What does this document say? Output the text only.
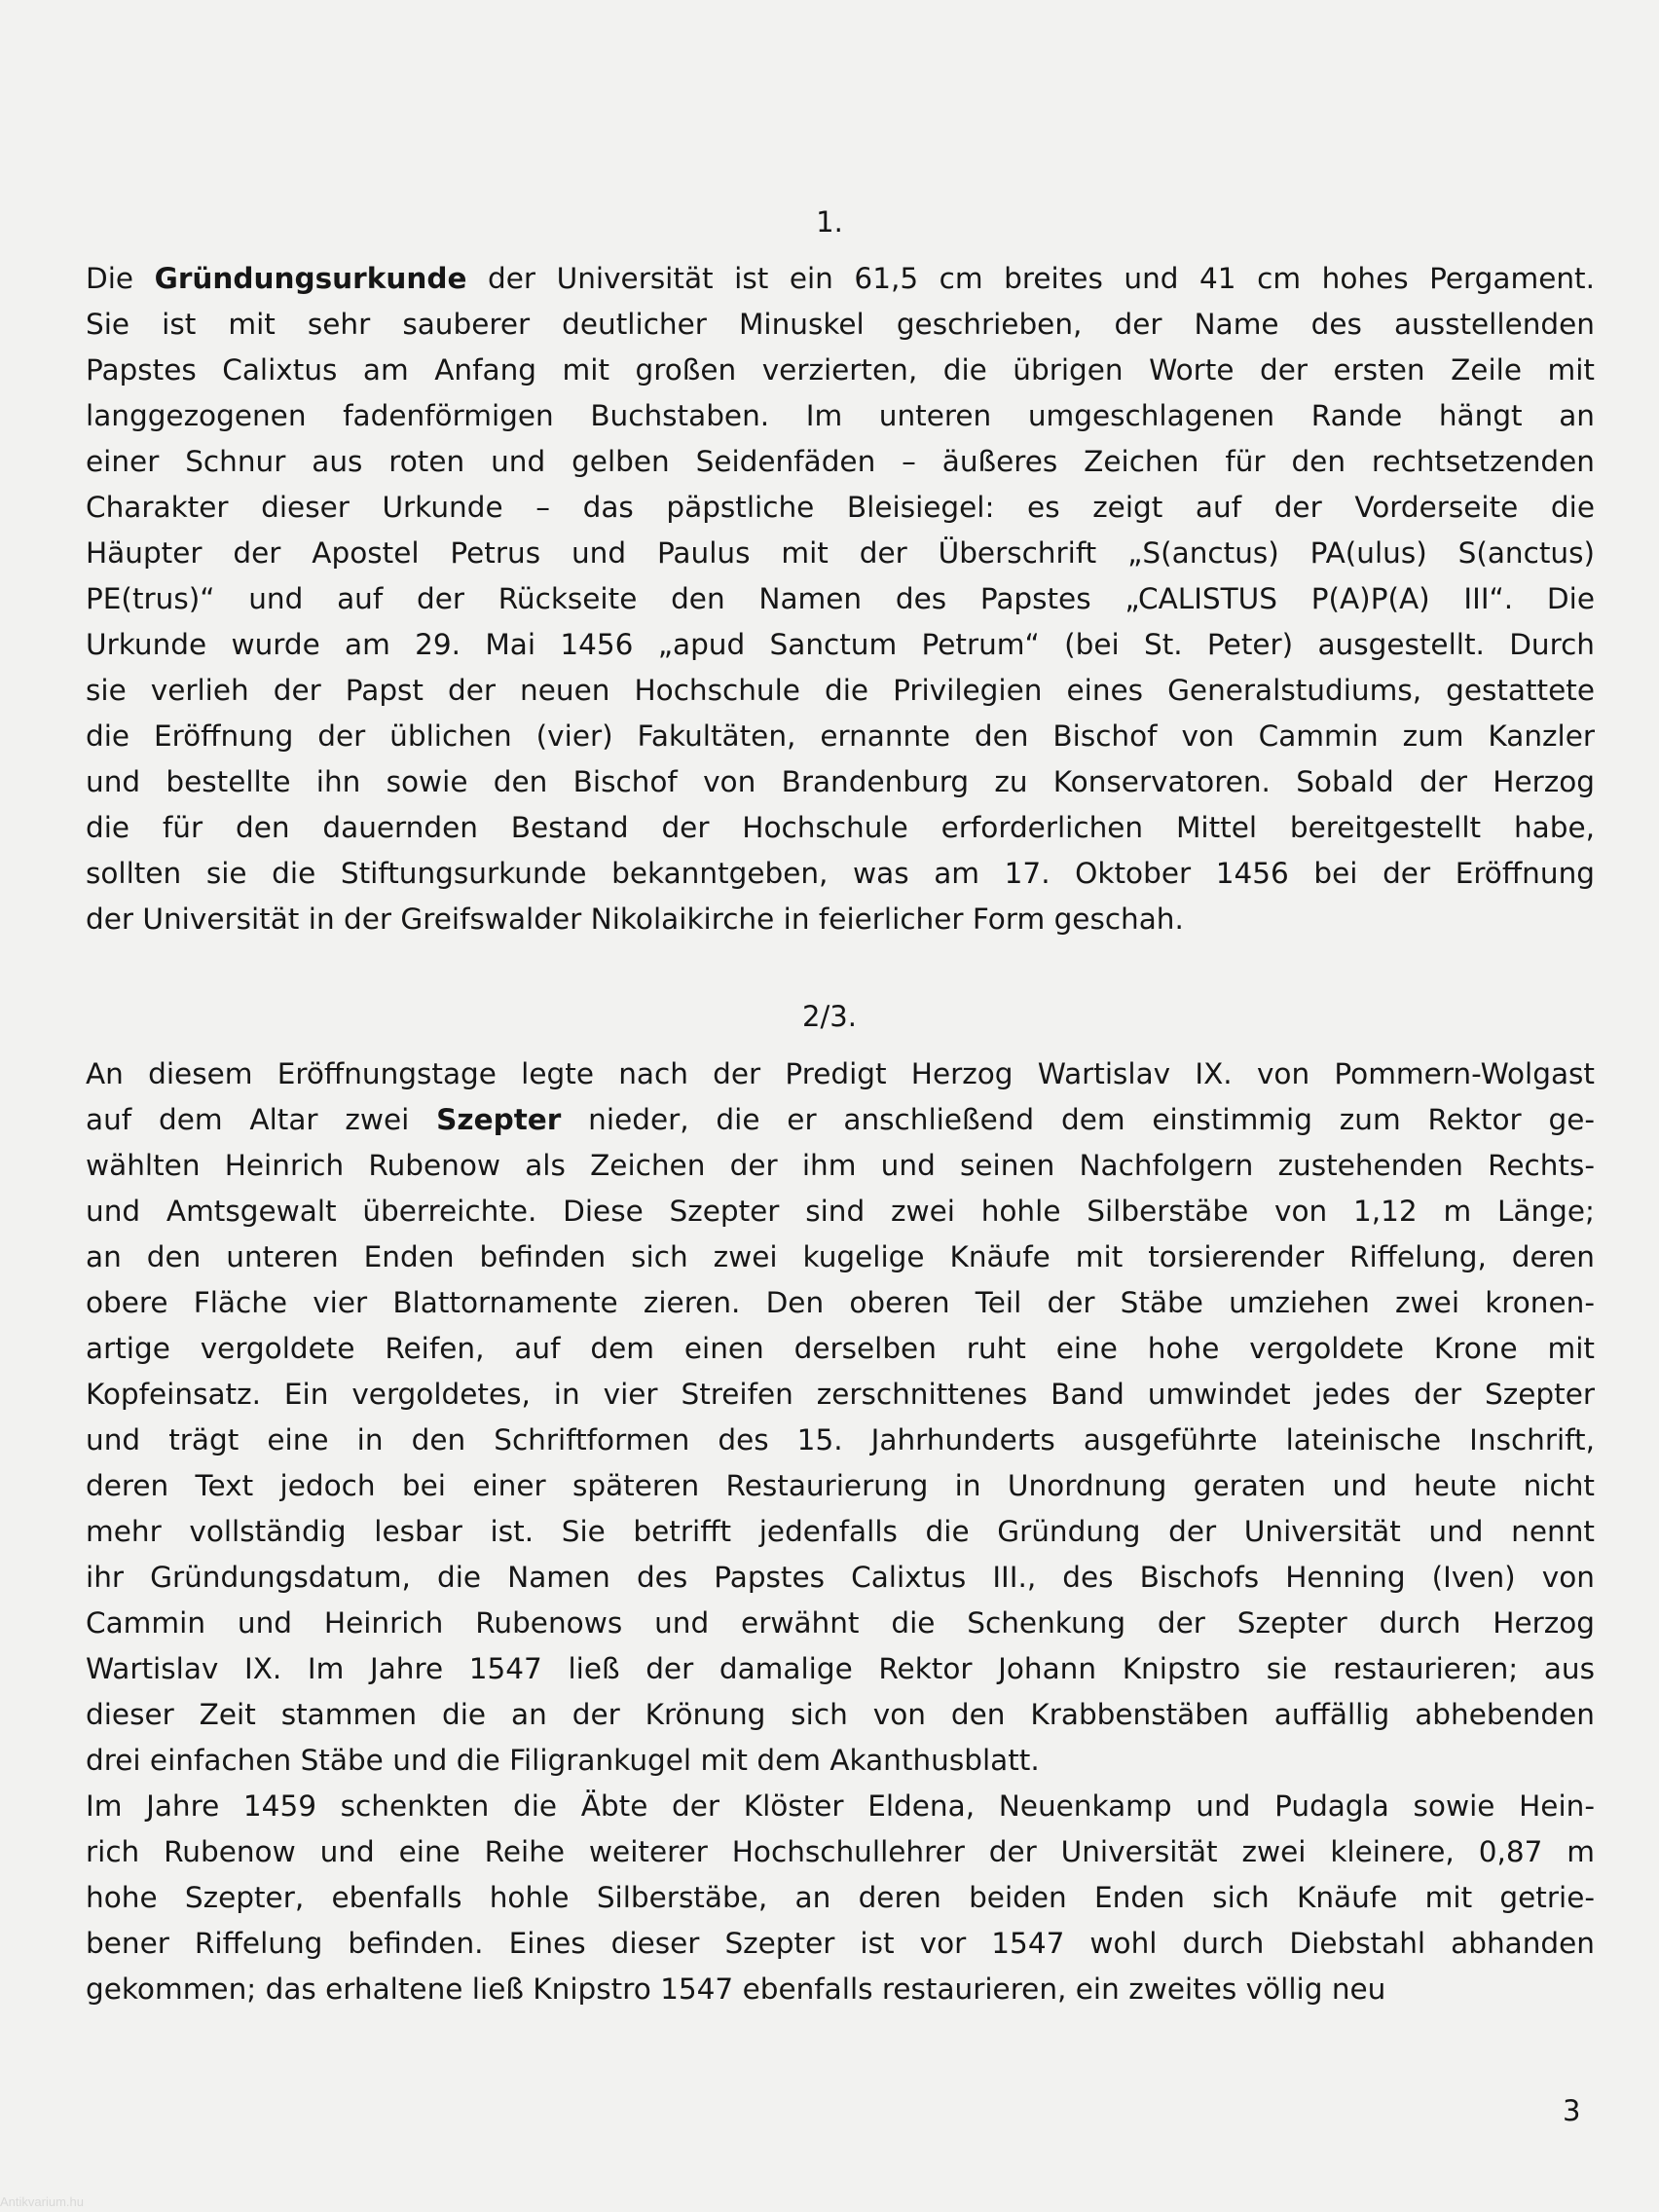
1.
Die Gründungsurkunde der Universität ist ein 61,5 cm breites und 41 cm hohes Pergament.
Sie ist mit sehr sauberer deutlicher Minuskel geschrieben, der Name des ausstellenden
Papstes Calixtus am Anfang mit großen verzierten, die übrigen Worte der ersten Zeile mit
langgezogenen fadenförmigen Buchstaben. Im unteren umgeschlagenen Rande hängt an
einer Schnur aus roten und gelben Seidenfäden – äußeres Zeichen für den rechtsetzenden
Charakter dieser Urkunde – das päpstliche Bleisiegel: es zeigt auf der Vorderseite die
Häupter der Apostel Petrus und Paulus mit der Überschrift „S(anctus) PA(ulus) S(anctus)
PE(trus)“ und auf der Rückseite den Namen des Papstes „CALISTUS P(A)P(A) III“. Die
Urkunde wurde am 29. Mai 1456 „apud Sanctum Petrum“ (bei St. Peter) ausgestellt. Durch
sie verlieh der Papst der neuen Hochschule die Privilegien eines Generalstudiums, gestattete
die Eröffnung der üblichen (vier) Fakultäten, ernannte den Bischof von Cammin zum Kanzler
und bestellte ihn sowie den Bischof von Brandenburg zu Konservatoren. Sobald der Herzog
die für den dauernden Bestand der Hochschule erforderlichen Mittel bereitgestellt habe,
sollten sie die Stiftungsurkunde bekanntgeben, was am 17. Oktober 1456 bei der Eröffnung
der Universität in der Greifswalder Nikolaikirche in feierlicher Form geschah.
2/3.
An diesem Eröffnungstage legte nach der Predigt Herzog Wartislav IX. von Pommern-Wolgast
auf dem Altar zwei Szepter nieder, die er anschließend dem einstimmig zum Rektor ge-
wählten Heinrich Rubenow als Zeichen der ihm und seinen Nachfolgern zustehenden Rechts-
und Amtsgewalt überreichte. Diese Szepter sind zwei hohle Silberstäbe von 1,12 m Länge;
an den unteren Enden befinden sich zwei kugelige Knäufe mit torsierender Riffelung, deren
obere Fläche vier Blattornamente zieren. Den oberen Teil der Stäbe umziehen zwei kronen-
artige vergoldete Reifen, auf dem einen derselben ruht eine hohe vergoldete Krone mit
Kopfeinsatz. Ein vergoldetes, in vier Streifen zerschnittenes Band umwindet jedes der Szepter
und trägt eine in den Schriftformen des 15. Jahrhunderts ausgeführte lateinische Inschrift,
deren Text jedoch bei einer späteren Restaurierung in Unordnung geraten und heute nicht
mehr vollständig lesbar ist. Sie betrifft jedenfalls die Gründung der Universität und nennt
ihr Gründungsdatum, die Namen des Papstes Calixtus III., des Bischofs Henning (Iven) von
Cammin und Heinrich Rubenows und erwähnt die Schenkung der Szepter durch Herzog
Wartislav IX. Im Jahre 1547 ließ der damalige Rektor Johann Knipstro sie restaurieren; aus
dieser Zeit stammen die an der Krönung sich von den Krabbenstäben auffällig abhebenden
drei einfachen Stäbe und die Filigrankugel mit dem Akanthusblatt.
Im Jahre 1459 schenkten die Äbte der Klöster Eldena, Neuenkamp und Pudagla sowie Hein-
rich Rubenow und eine Reihe weiterer Hochschullehrer der Universität zwei kleinere, 0,87 m
hohe Szepter, ebenfalls hohle Silberstäbe, an deren beiden Enden sich Knäufe mit getrie-
bener Riffelung befinden. Eines dieser Szepter ist vor 1547 wohl durch Diebstahl abhanden
gekommen; das erhaltene ließ Knipstro 1547 ebenfalls restaurieren, ein zweites völlig neu
3
Antikvarium.hu
